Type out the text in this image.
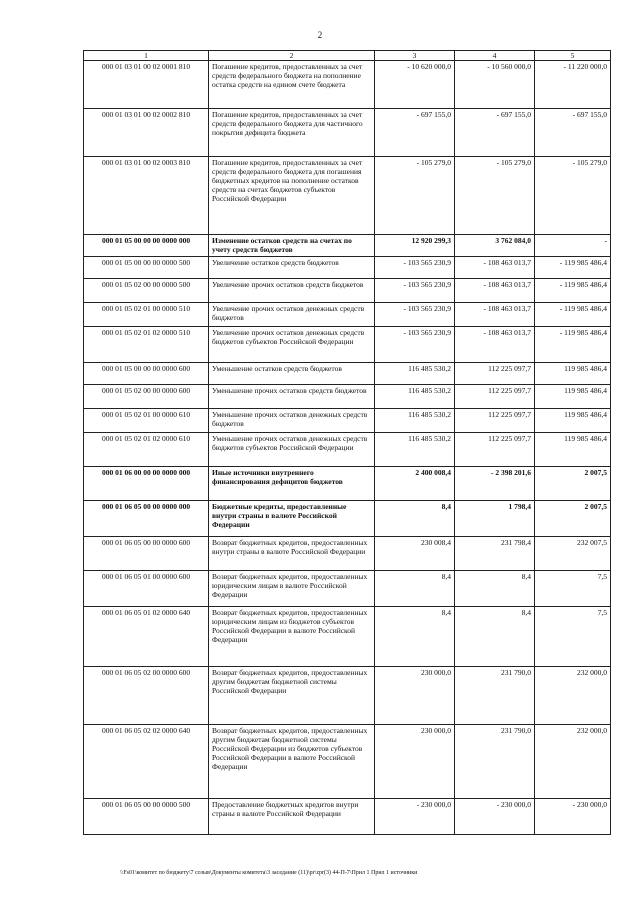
2
1	2	3	4	5
000 01 03 01 00 02 0001 810	Погашение кредитов, предоставленных за счет средств федерального бюджета на пополнение остатка средств на едином счете бюджета	- 10 620 000,0	- 10 560 000,0	- 11 220 000,0

000 01 03 01 00 02 0002 810	Погашение кредитов, предоставленных за счет средств федерального бюджета для частичного покрытия дефицита бюджета	- 697 155,0	- 697 155,0	- 697 155,0

000 01 03 01 00 02 0003 810	Погашение кредитов, предоставленных за счет средств федерального бюджета для погашения бюджетных кредитов на пополнение остатков средств на счетах бюджетов субъектов Российской Федерации	- 105 279,0	- 105 279,0	- 105 279,0

000 01 05 00 00 00 0000 000	Изменение остатков средств на счетах по учету средств бюджетов	12 920 299,3	3 762 084,0	-

000 01 05 00 00 00 0000 500	Увеличение остатков средств бюджетов	- 103 565 230,9	- 108 463 013,7	- 119 985 486,4

000 01 05 02 00 00 0000 500	Увеличение прочих остатков средств бюджетов	- 103 565 230,9	- 108 463 013,7	- 119 985 486,4

000 01 05 02 01 00 0000 510	Увеличение прочих остатков денежных средств бюджетов	- 103 565 230,9	- 108 463 013,7	- 119 985 486,4

000 01 05 02 01 02 0000 510	Увеличение прочих остатков денежных средств бюджетов субъектов Российской Федерации	- 103 565 230,9	- 108 463 013,7	- 119 985 486,4

000 01 05 00 00 00 0000 600	Уменьшение остатков средств бюджетов	116 485 530,2	112 225 097,7	119 985 486,4

000 01 05 02 00 00 0000 600	Уменьшение прочих остатков средств бюджетов	116 485 530,2	112 225 097,7	119 985 486,4

000 01 05 02 01 00 0000 610	Уменьшение прочих остатков денежных средств бюджетов	116 485 530,2	112 225 097,7	119 985 486,4

000 01 05 02 01 02 0000 610	Уменьшение прочих остатков денежных средств бюджетов субъектов Российской Федерации	116 485 530,2	112 225 097,7	119 985 486,4

000 01 06 00 00 00 0000 000	Иные источники внутреннего финансирования дефицитов бюджетов	2 400 008,4	- 2 398 201,6	2 007,5

000 01 06 05 00 00 0000 000	Бюджетные кредиты, предоставленные внутри страны в валюте Российской Федерации	8,4	1 798,4	2 007,5

000 01 06 05 00 00 0000 600	Возврат бюджетных кредитов, предоставленных внутри страны в валюте Российской Федерации	230 008,4	231 798,4	232 007,5

000 01 06 05 01 00 0000 600	Возврат бюджетных кредитов, предоставленных юридическим лицам в валюте Российской Федерации	8,4	8,4	7,5

000 01 06 05 01 02 0000 640	Возврат бюджетных кредитов, предоставленных юридическим лицам из бюджетов субъектов Российской Федерации в валюте Российской Федерации	8,4	8,4	7,5

000 01 06 05 02 00 0000 600	Возврат бюджетных кредитов, предоставленных другим бюджетам бюджетной системы Российской Федерации	230 000,0	231 790,0	232 000,0

000 01 06 05 02 02 0000 640	Возврат бюджетных кредитов, предоставленных другим бюджетам бюджетной системы Российской Федерации из бюджетов субъектов Российской Федерации в валюте Российской Федерации	230 000,0	231 790,0	232 000,0

000 01 06 05 00 00 0000 500	Предоставление бюджетных кредитов внутри страны в валюте Российской Федерации	- 230 000,0	- 230 000,0	- 230 000,0
\\Fs01\комитет по бюджету\7 созыв\Документы комитета\3 заседание (11)\pr\zpr(3) 44-П-7\Прил 1 Прил 1 источники
